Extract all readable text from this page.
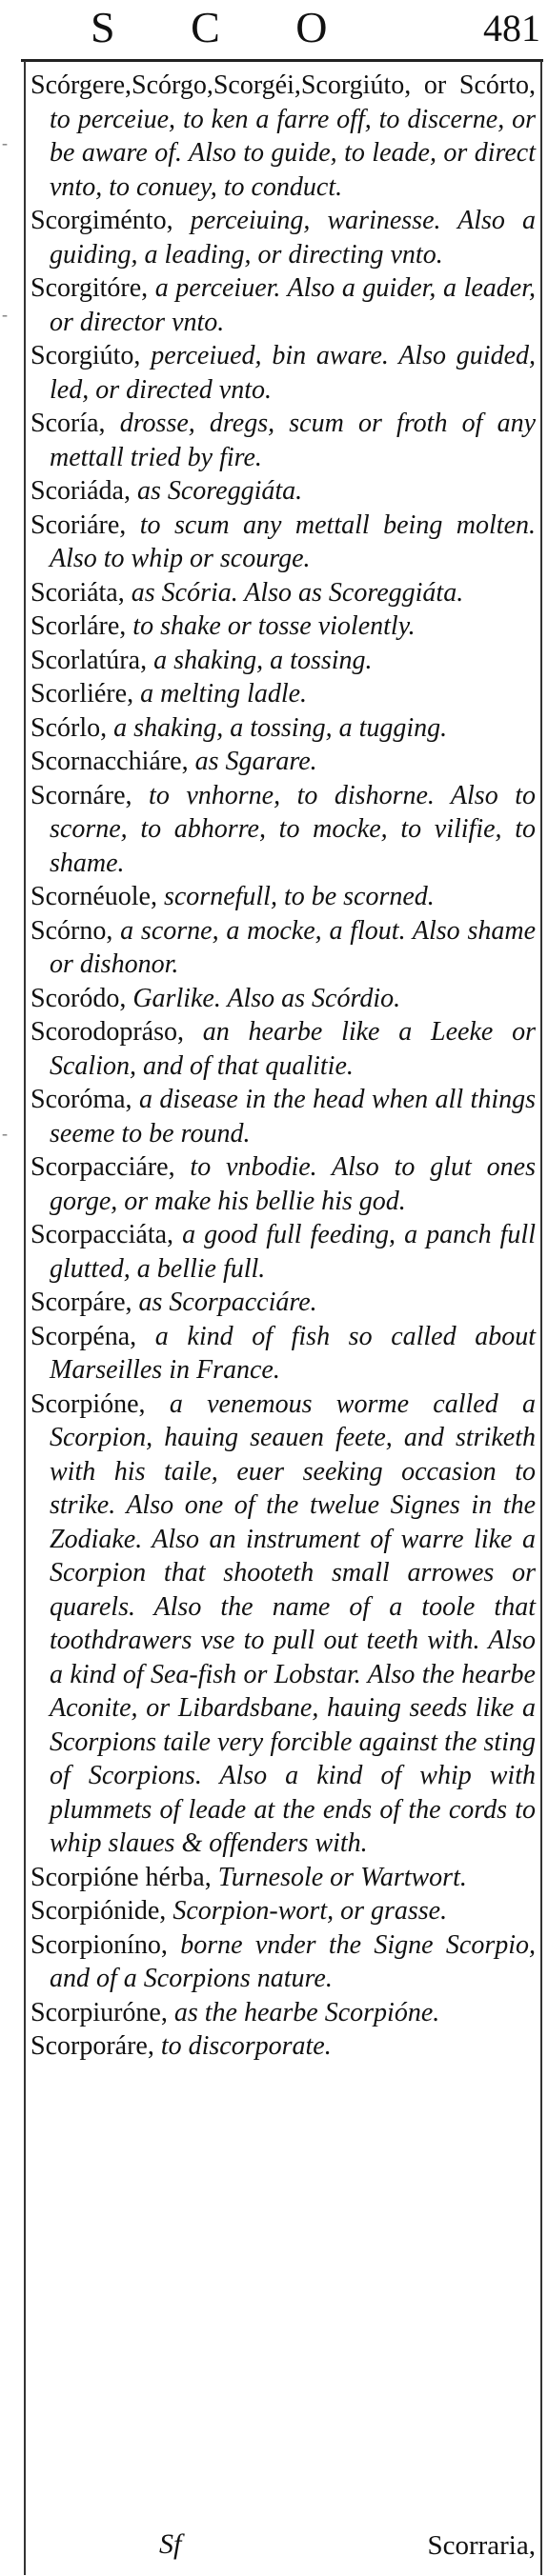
S C O	481
-
-
-
Scórgere,Scórgo,Scorgéi,Scorgiúto, or Scórto, to perceiue, to ken a farre off, to discerne, or be aware of. Also to guide, to leade, or direct vnto, to conuey, to conduct.
Scorgiménto, perceiuing, warinesse. Also a guiding, a leading, or directing vnto.
Scorgitóre, a perceiuer. Also a guider, a leader, or director vnto.
Scorgiúto, perceiued, bin aware. Also guided, led, or directed vnto.
Scoría, drosse, dregs, scum or froth of any mettall tried by fire.
Scoriáda, as Scoreggiáta.
Scoriáre, to scum any mettall being molten. Also to whip or scourge.
Scoriáta, as Scória. Also as Scoreggiáta.
Scorláre, to shake or tosse violently.
Scorlatúra, a shaking, a tossing.
Scorliére, a melting ladle.
Scórlo, a shaking, a tossing, a tugging.
Scornacchiáre, as Sgarare.
Scornáre, to vnhorne, to dishorne. Also to scorne, to abhorre, to mocke, to vilifie, to shame.
Scornéuole, scornefull, to be scorned.
Scórno, a scorne, a mocke, a flout. Also shame or dishonor.
Scoródo, Garlike. Also as Scórdio.
Scorodopráso, an hearbe like a Leeke or Scalion, and of that qualitie.
Scoróma, a disease in the head when all things seeme to be round.
Scorpacciáre, to vnbodie. Also to glut ones gorge, or make his bellie his god.
Scorpacciáta, a good full feeding, a panch full glutted, a bellie full.
Scorpáre, as Scorpacciáre.
Scorpéna, a kind of fish so called about Marseilles in France.
Scorpióne, a venemous worme called a Scorpion, hauing seauen feete, and striketh with his taile, euer seeking occasion to strike. Also one of the twelue Signes in the Zodiake. Also an instrument of warre like a Scorpion that shooteth small arrowes or quarels. Also the name of a toole that toothdrawers vse to pull out teeth with. Also a kind of Sea-fish or Lobstar. Also the hearbe Aconite, or Libardsbane, hauing seeds like a Scorpions taile very forcible against the sting of Scorpions. Also a kind of whip with plummets of leade at the ends of the cords to whip slaues & offenders with.
Scorpióne hérba, Turnesole or Wartwort.
Scorpiónide, Scorpion-wort, or grasse.
Scorpioníno, borne vnder the Signe Scorpio, and of a Scorpions nature.
Scorpiuróne, as the hearbe Scorpióne.
Scorporáre, to discorporate.
Sf	Scorraria,
